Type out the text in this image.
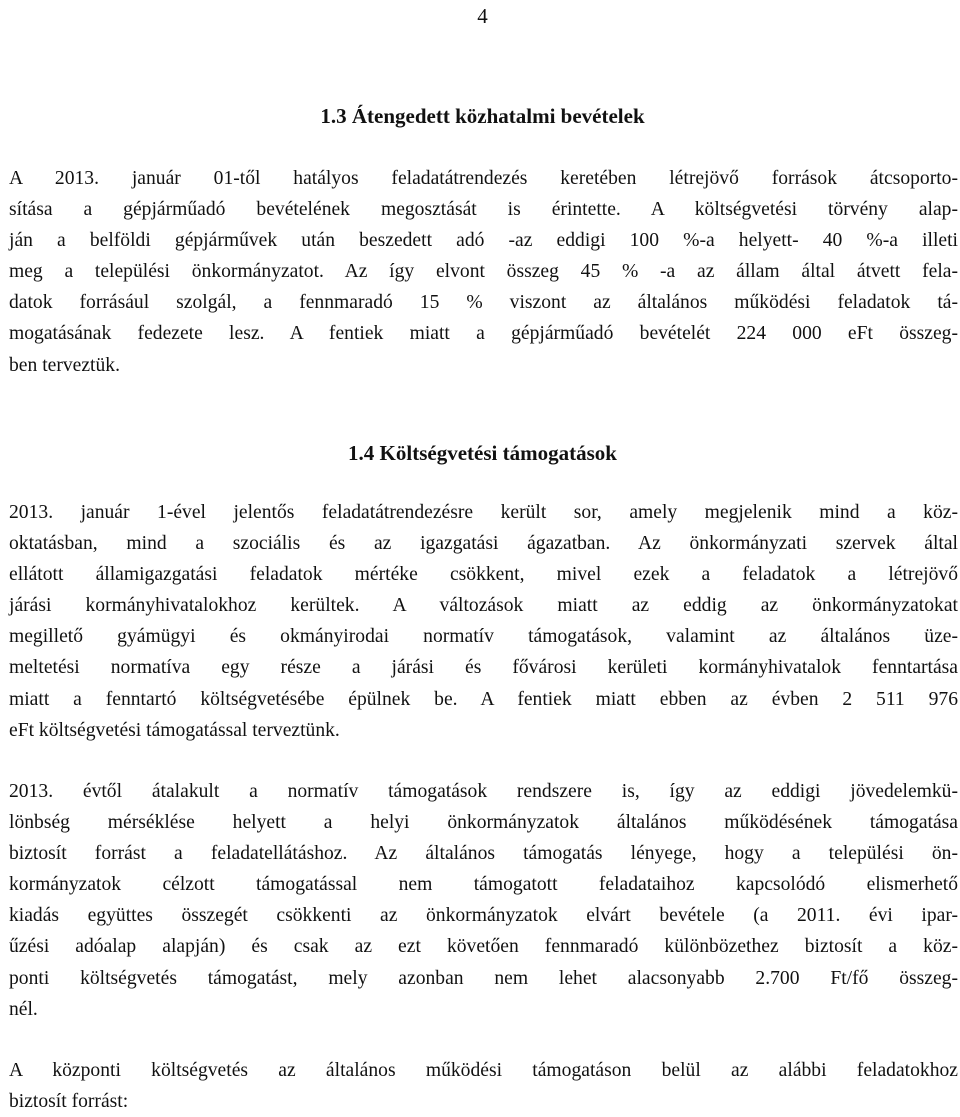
4
1.3 Átengedett közhatalmi bevételek

A 2013. január 01-től hatályos feladatátrendezés keretében létrejövő források átcsoporto-
sítása a gépjárműadó bevételének megosztását is érintette. A költségvetési törvény alap-
ján a belföldi gépjárművek után beszedett adó -az eddigi 100 %-a helyett- 40 %-a illeti
meg a települési önkormányzatot. Az így elvont összeg 45 % -a az állam által átvett fela-
datok forrásául szolgál, a fennmaradó 15 % viszont az általános működési feladatok tá-
mogatásának fedezete lesz. A fentiek miatt a gépjárműadó bevételét 224 000 eFt összeg-
ben terveztük.

1.4 Költségvetési támogatások

2013. január 1-ével jelentős feladatátrendezésre került sor, amely megjelenik mind a köz-
oktatásban, mind a szociális és az igazgatási ágazatban. Az önkormányzati szervek által
ellátott államigazgatási feladatok mértéke csökkent, mivel ezek a feladatok a létrejövő
járási kormányhivatalokhoz kerültek. A változások miatt az eddig az önkormányzatokat
megillető gyámügyi és okmányirodai normatív támogatások, valamint az általános üze-
meltetési normatíva egy része a járási és fővárosi kerületi kormányhivatalok fenntartása
miatt a fenntartó költségvetésébe épülnek be. A fentiek miatt ebben az évben 2 511 976
eFt költségvetési támogatással terveztünk.

2013. évtől átalakult a normatív támogatások rendszere is, így az eddigi jövedelemkü-
lönbség mérséklése helyett a helyi önkormányzatok általános működésének támogatása
biztosít forrást a feladatellátáshoz. Az általános támogatás lényege, hogy a települési ön-
kormányzatok célzott támogatással nem támogatott feladataihoz kapcsolódó elismerhető
kiadás együttes összegét csökkenti az önkormányzatok elvárt bevétele (a 2011. évi ipar-
űzési adóalap alapján) és csak az ezt követően fennmaradó különbözethez biztosít a köz-
ponti költségvetés támogatást, mely azonban nem lehet alacsonyabb 2.700 Ft/fő összeg-
nél.

A központi költségvetés az általános működési támogatáson belül az alábbi feladatokhoz
biztosít forrást:
